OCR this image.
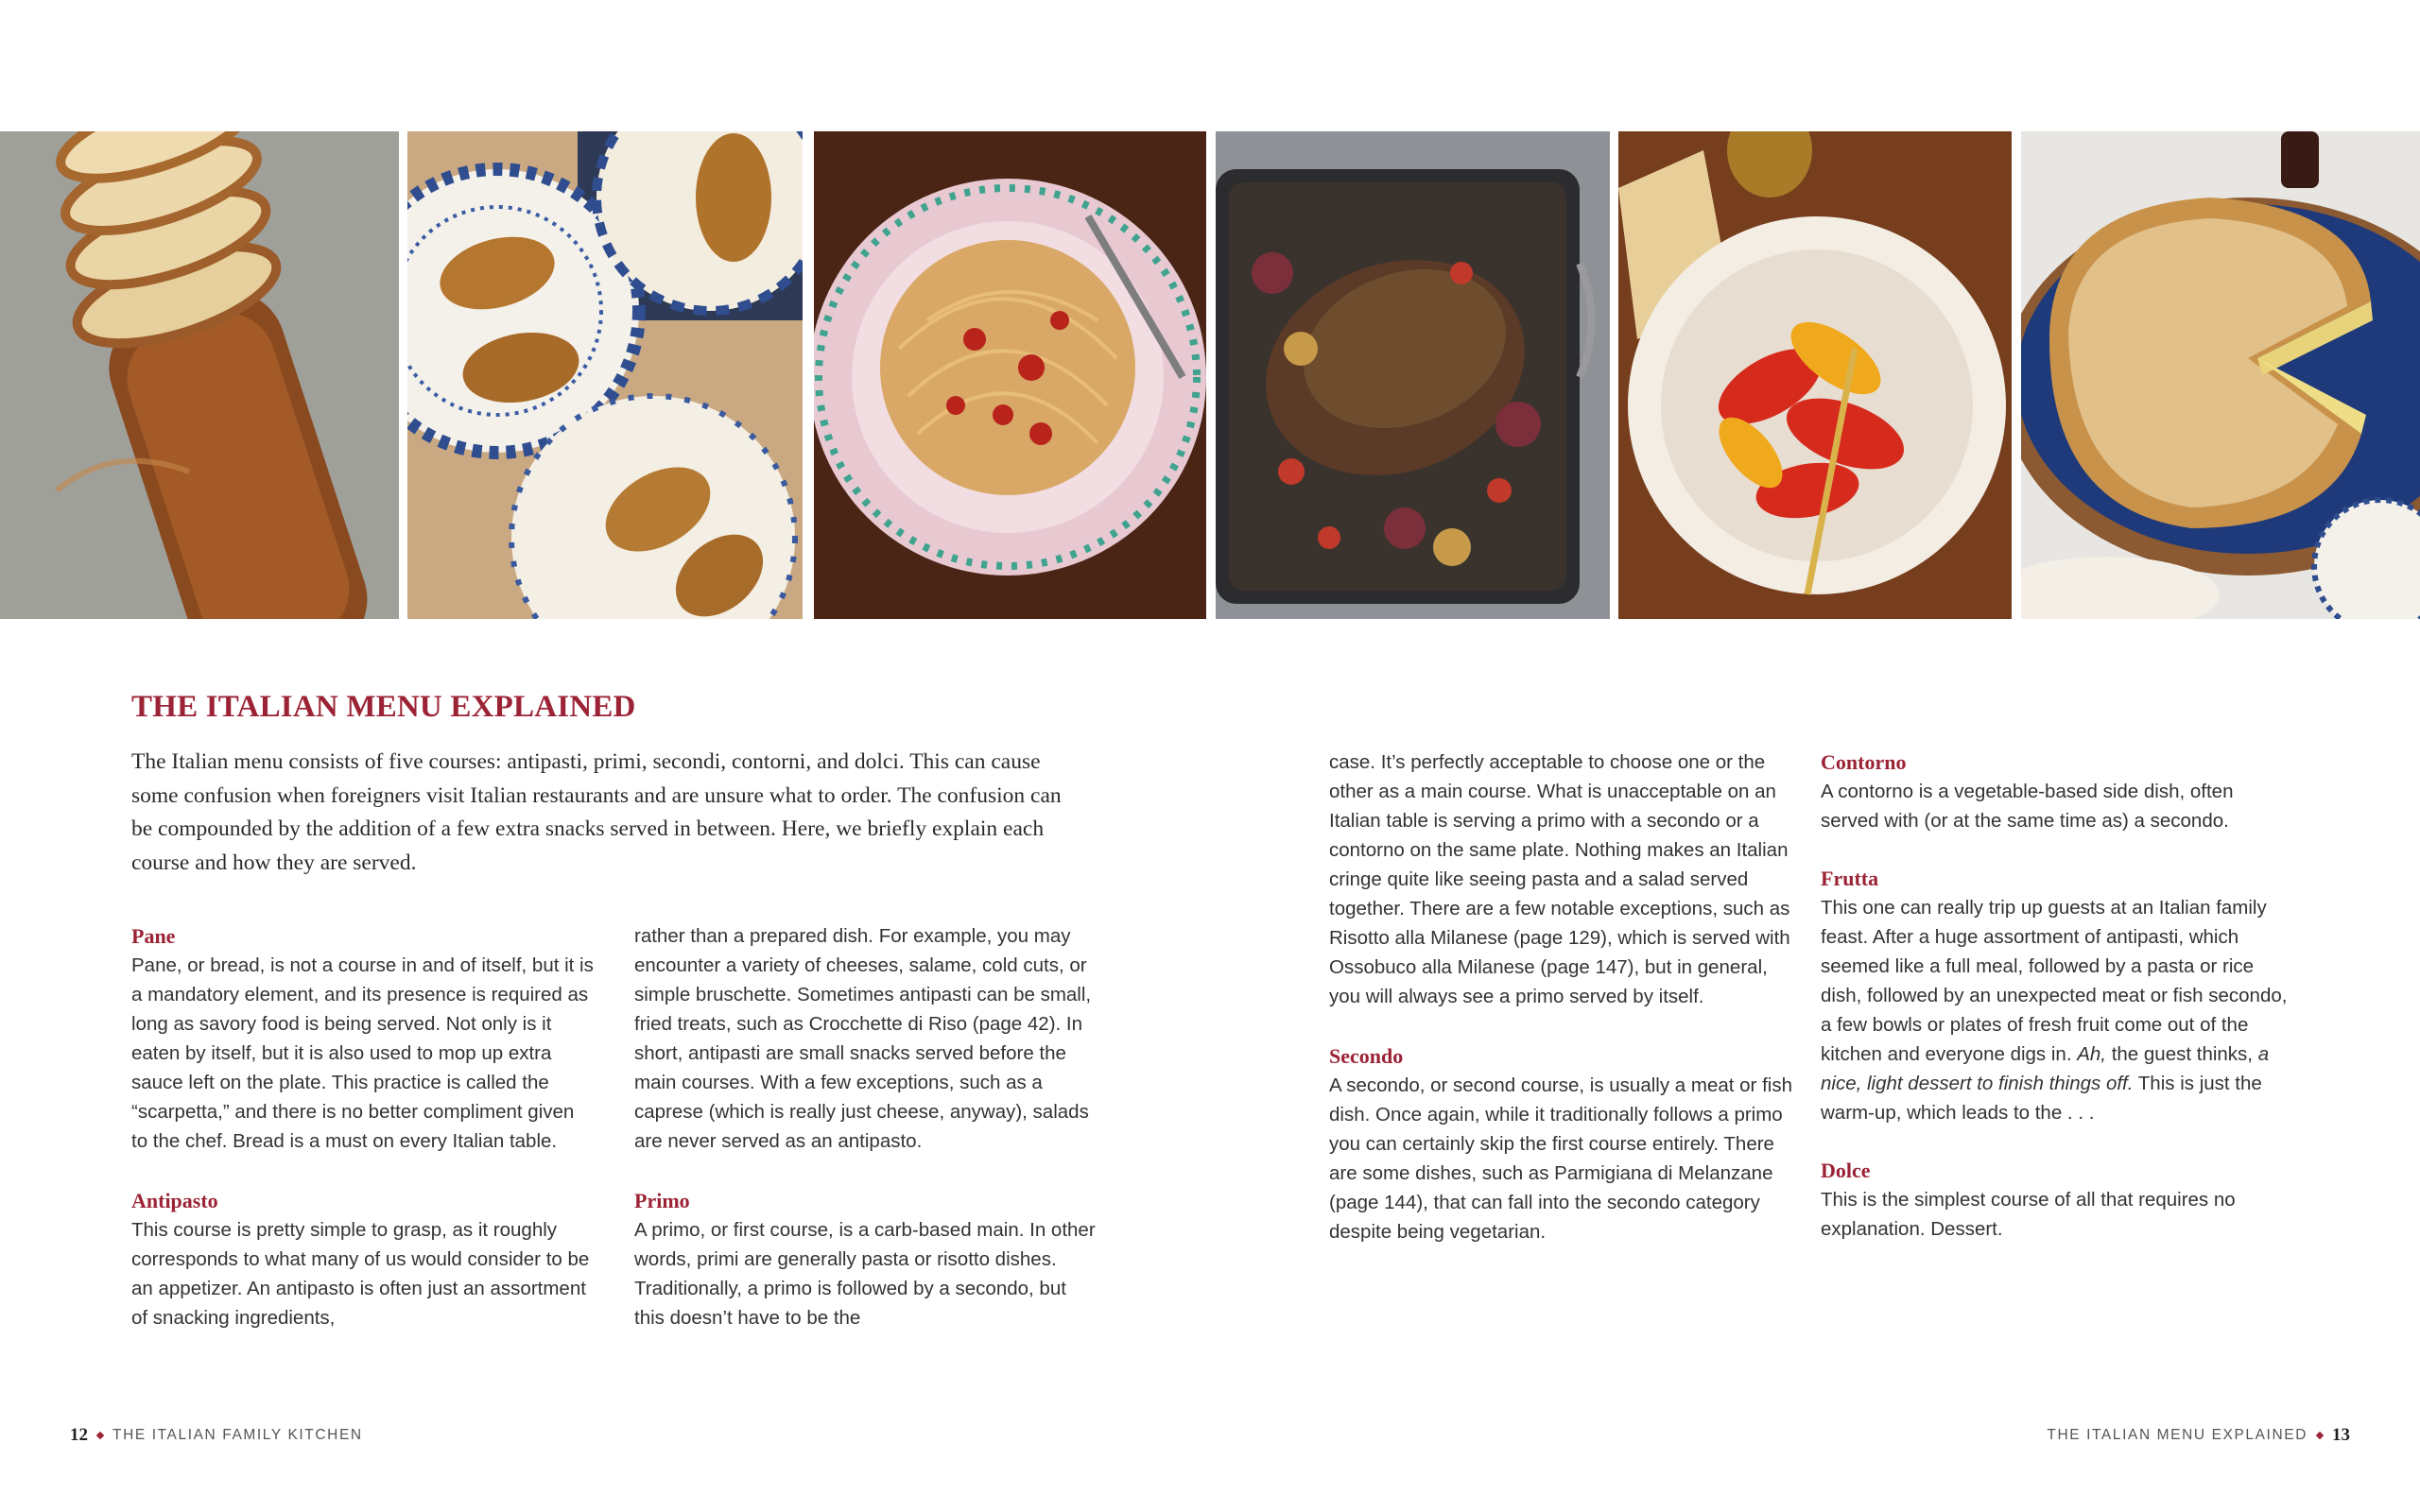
THE ITALIAN MENU EXPLAINED

The Italian menu consists of five courses: antipasti, primi, secondi, contorni, and dolci. This can cause some confusion when foreigners visit Italian restaurants and are unsure what to order. The confusion can be compounded by the addition of a few extra snacks served in between. Here, we briefly explain each course and how they are served.

Pane

Pane, or bread, is not a course in and of itself, but it is a mandatory element, and its presence is required as long as savory food is being served. Not only is it eaten by itself, but it is also used to mop up extra sauce left on the plate. This practice is called the “scarpetta,” and there is no better compliment given to the chef. Bread is a must on every Italian table.

Antipasto

This course is pretty simple to grasp, as it roughly corresponds to what many of us would consider to be an appetizer. An antipasto is often just an assortment of snacking ingredients,

rather than a prepared dish. For example, you may encounter a variety of cheeses, salame, cold cuts, or simple bruschette. Sometimes antipasti can be small, fried treats, such as Crocchette di Riso (page 42). In short, antipasti are small snacks served before the main courses. With a few exceptions, such as a caprese (which is really just cheese, anyway), salads are never served as an antipasto.

Primo

A primo, or first course, is a carb-based main. In other words, primi are generally pasta or risotto dishes. Traditionally, a primo is followed by a secondo, but this doesn’t have to be the

case. It’s perfectly acceptable to choose one or the other as a main course. What is unacceptable on an Italian table is serving a primo with a secondo or a contorno on the same plate. Nothing makes an Italian cringe quite like seeing pasta and a salad served together. There are a few notable exceptions, such as Risotto alla Milanese (page 129), which is served with Ossobuco alla Milanese (page 147), but in general, you will always see a primo served by itself.

Secondo

A secondo, or second course, is usually a meat or fish dish. Once again, while it traditionally follows a primo you can certainly skip the first course entirely. There are some dishes, such as Parmigiana di Melanzane (page 144), that can fall into the secondo category despite being vegetarian.

Contorno

A contorno is a vegetable-based side dish, often served with (or at the same time as) a secondo.

Frutta

This one can really trip up guests at an Italian family feast. After a huge assortment of antipasti, which seemed like a full meal, followed by a pasta or rice dish, followed by an unexpected meat or fish secondo, a few bowls or plates of fresh fruit come out of the kitchen and everyone digs in. Ah, the guest thinks, a nice, light dessert to finish things off. This is just the warm-up, which leads to the . . .

Dolce

This is the simplest course of all that requires no explanation. Dessert.

12 THE ITALIAN FAMILY KITCHEN	THE ITALIAN MENU EXPLAINED 13
